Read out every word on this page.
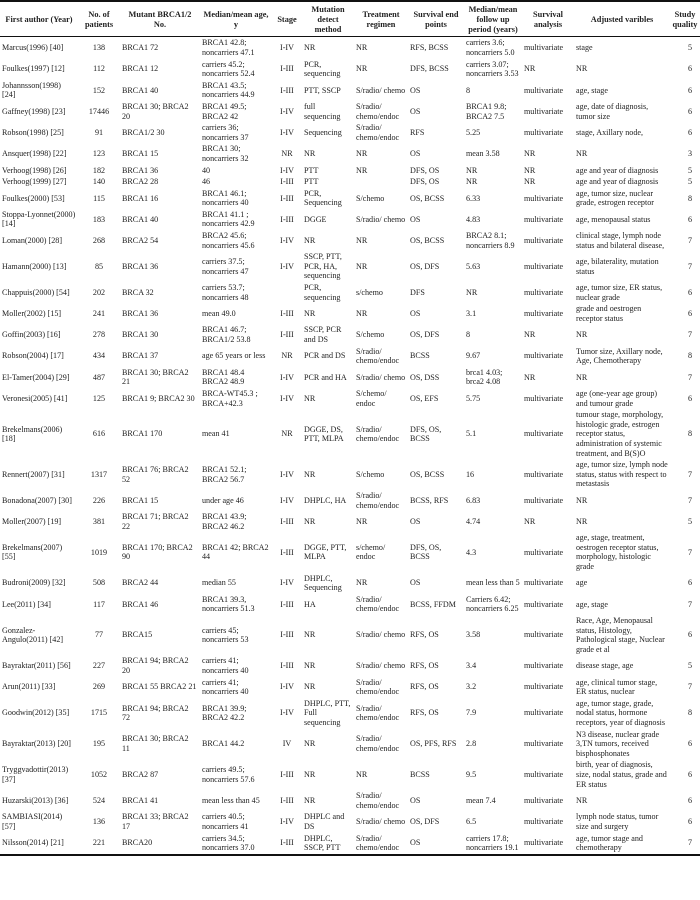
First author (Year)	No. of patients	Mutant BRCA1/2 No.	Median/mean age, y	Stage	Mutation detect method	Treatment regimen	Survival end points	Median/mean follow up period (years)	Survival analysis	Adjusted varibles	Study quality
Marcus(1996) [40]	138	BRCA1 72	BRCA1 42.8; noncarriers 47.1	I-IV	NR	NR	RFS, BCSS	carriers 3.6; noncarriers 5.0	multivariate	stage	5
Foulkes(1997) [12]	112	BRCA1 12	carriers 45.2; noncarriers 52.4	I-III	PCR, sequencing	NR	DFS, BCSS	carriers 3.07; noncarriers 3.53	NR	NR	6
Johannsson(1998) [24]	152	BRCA1 40	BRCA1 43.5; noncarriers 44.9	I-III	PTT, SSCP	S/radio/ chemo	OS	8	multivariate	age, stage	6
Gaffney(1998) [23]	17446	BRCA1 30; BRCA2 20	BRCA1 49.5; BRCA2 42	I-IV	full sequencing	S/radio/ chemo/endoc	OS	BRCA1 9.8; BRCA2 7.5	multivariate	age, date of diagnosis, tumor size	6
Robson(1998) [25]	91	BRCA1/2 30	carriers 36; noncarriers 37	I-IV	Sequencing	S/radio/ chemo/endoc	RFS	5.25	multivariate	stage, Axillary node,	6
Ansquer(1998) [22]	123	BRCA1 15	BRCA1 30; noncarriers 32	NR	NR	NR	OS	mean 3.58	NR	NR	3
Verhoog(1998) [26]	182	BRCA1 36	40	I-IV	PTT	NR	DFS, OS	NR	NR	age and year of diagnosis	5
Verhoog(1999) [27]	140	BRCA2 28	46	I-III	PTT		DFS, OS	NR	NR	age and year of diagnosis	5
Foulkes(2000) [53]	115	BRCA1 16	BRCA1 46.1; noncarriers 40	I-III	PCR, Sequencing	S/chemo	OS, BCSS	6.33	multivariate	age, tumor size, nuclear grade, estrogen receptor	8
Stoppa-Lyonnet(2000) [14]	183	BRCA1 40	BRCA1 41.1 ; noncarriers 42.9	I-III	DGGE	S/radio/ chemo	OS	4.83	multivariate	age, menopausal status	6
Loman(2000) [28]	268	BRCA2 54	BRCA2 45.6; noncarriers 45.6	I-IV	NR	NR	OS, BCSS	BRCA2 8.1; noncarriers 8.9	multivariate	clinical stage, lymph node status and bilateral disease,	7
Hamann(2000) [13]	85	BRCA1 36	carriers 37.5; noncarriers 47	I-IV	SSCP, PTT, PCR, HA, sequencing	NR	OS, DFS	5.63	multivariate	age, bilaterality, mutation status	7
Chappuis(2000) [54]	202	BRCA 32	carriers 53.7; noncarriers 48		PCR, sequencing	s/chemo	DFS	NR	multivariate	age, tumor size, ER status, nuclear grade	6
Moller(2002) [15]	241	BRCA1 36	mean 49.0	I-III	NR	NR	OS	3.1	multivariate	grade and oestrogen receptor status	6
Goffin(2003) [16]	278	BRCA1 30	BRCA1 46.7; BRCA1/2 53.8	I-III	SSCP, PCR and DS	S/chemo	OS, DFS	8	NR	NR	7
Robson(2004) [17]	434	BRCA1 37	age 65 years or less	NR	PCR and DS	S/radio/ chemo/endoc	BCSS	9.67	multivariate	Tumor size, Axillary node, Age, Chemotherapy	8
El-Tamer(2004) [29]	487	BRCA1 30; BRCA2 21	BRCA1 48.4 BRCA2 48.9	I-IV	PCR and HA	S/radio/ chemo	OS, DSS	brca1 4.03; brca2 4.08	NR	NR	7
Veronesi(2005) [41]	125	BRCA1 9; BRCA2 30	BRCA-WT45.3 ; BRCA+42.3	I-IV	NR	S/chemo/ endoc	OS, EFS	5.75	multivariate	age (one-year age group) and tumour grade	6
Brekelmans(2006) [18]	616	BRCA1 170	mean 41	NR	DGGE, DS, PTT, MLPA	S/radio/ chemo/endoc	DFS, OS, BCSS	5.1	multivariate	tumour stage, morphology, histologic grade, estrogen receptor status, administration of systemic treatment, and B(S)O	8
Rennert(2007) [31]	1317	BRCA1 76; BRCA2 52	BRCA1 52.1; BRCA2 56.7	I-IV	NR	S/chemo	OS, BCSS	16	multivariate	age, tumor size, lymph node status, status with respect to metastasis	7
Bonadona(2007) [30]	226	BRCA1 15	under age 46	I-IV	DHPLC, HA	S/radio/ chemo/endoc	BCSS, RFS	6.83	multivariate	NR	7
Moller(2007) [19]	381	BRCA1 71; BRCA2 22	BRCA1 43.9; BRCA2 46.2	I-III	NR	NR	OS	4.74	NR	NR	5
Brekelmans(2007) [55]	1019	BRCA1 170; BRCA2 90	BRCA1 42; BRCA2 44	I-III	DGGE, PTT, MLPA	s/chemo/ endoc	DFS, OS, BCSS	4.3	multivariate	age, stage, treatment, oestrogen receptor status, morphology, histologic grade	7
Budroni(2009) [32]	508	BRCA2 44	median 55	I-IV	DHPLC, Sequencing	NR	OS	mean less than 5	multivariate	age	6
Lee(2011) [34]	117	BRCA1 46	BRCA1 39.3, noncarriers 51.3	I-III	HA	S/radio/ chemo/endoc	BCSS, FFDM	Carriers 6.42; noncarriers 6.25	multivariate	age, stage	7
Gonzalez-Angulo(2011) [42]	77	BRCA15	carriers 45; noncarriers 53	I-III	NR	S/radio/ chemo	RFS, OS	3.58	multivariate	Race, Age, Menopausal status, Histology, Pathological stage, Nuclear grade et al	6
Bayraktar(2011) [56]	227	BRCA1 94; BRCA2 20	carriers 41; noncarriers 40	I-III	NR	S/radio/ chemo	RFS, OS	3.4	multivariate	disease stage, age	5
Arun(2011) [33]	269	BRCA1 55 BRCA2 21	carriers 41; noncarriers 40	I-IV	NR	S/radio/ chemo/endoc	RFS, OS	3.2	multivariate	age, clinical tumor stage, ER status, nuclear	7
Goodwin(2012) [35]	1715	BRCA1 94; BRCA2 72	BRCA1 39.9; BRCA2 42.2	I-IV	DHPLC, PTT, Full sequencing	S/radio/ chemo/endoc	RFS, OS	7.9	multivariate	age, tumor stage, grade, nodal status, hormone receptors, year of diagnosis	8
Bayraktar(2013) [20]	195	BRCA1 30; BRCA2 11	BRCA1 44.2	IV	NR	S/radio/ chemo/endoc	OS, PFS, RFS	2.8	multivariate	N3 disease, nuclear grade 3,TN tumors, received bisphosphonates	6
Tryggvadottir(2013) [37]	1052	BRCA2 87	carriers 49.5; noncarriers 57.6	I-III	NR	NR	BCSS	9.5	multivariate	birth, year of diagnosis, size, nodal status, grade and ER status	6
Huzarski(2013) [36]	524	BRCA1 41	mean less than 45	I-III	NR	S/radio/ chemo/endoc	OS	mean 7.4	multivariate	NR	6
SAMBIASI(2014) [57]	136	BRCA1 33; BRCA2 17	carriers 40.5; noncarriers 41	I-IV	DHPLC and DS	S/radio/ chemo	OS, DFS	6.5	multivariate	lymph node status, tumor size and surgery	6
Nilsson(2014) [21]	221	BRCA20	carriers 34.5; noncarriers 37.0	I-III	DHPLC, SSCP, PTT	S/radio/ chemo/endoc	OS	carriers 17.8; noncarriers 19.1	multivariate	age, tumor stage and chemotherapy	7
